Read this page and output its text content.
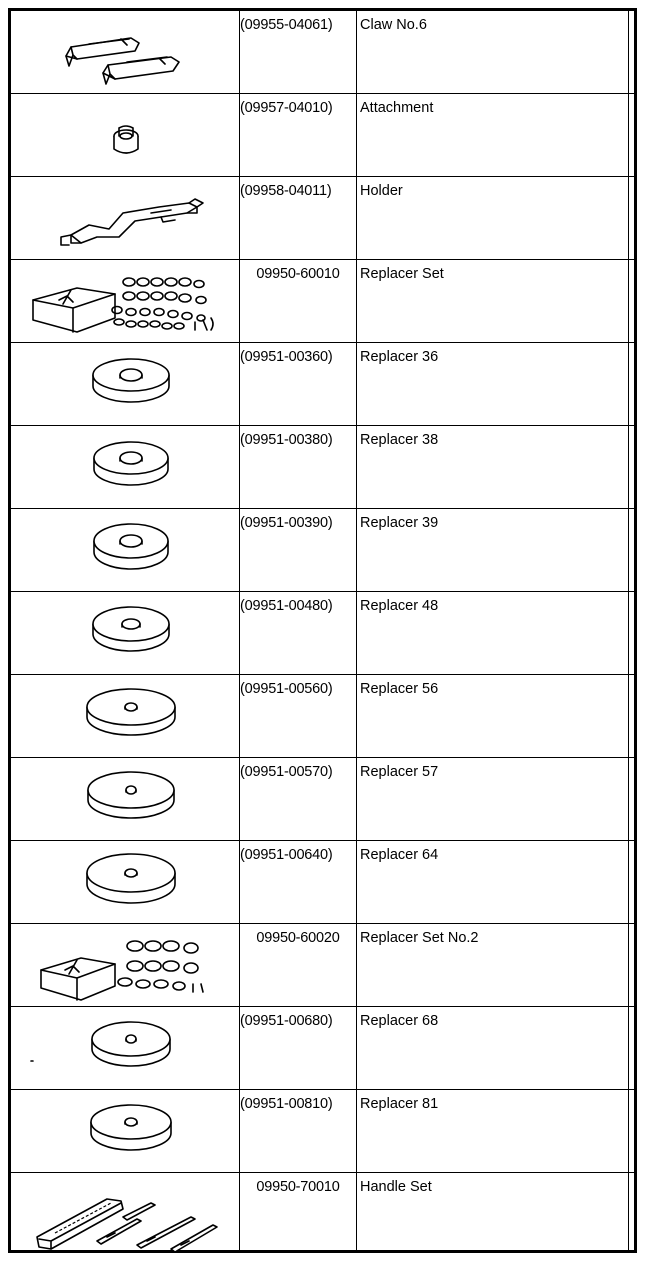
(09955-04061)	Claw No.6
(09957-04010)	Attachment
(09958-04011)	Holder
09950-60010	Replacer Set
(09951-00360)	Replacer 36
(09951-00380)	Replacer 38
(09951-00390)	Replacer 39
(09951-00480)	Replacer 48
(09951-00560)	Replacer 56
(09951-00570)	Replacer 57
(09951-00640)	Replacer 64
09950-60020	Replacer Set No.2
(09951-00680)	Replacer 68
(09951-00810)	Replacer 81
09950-70010	Handle Set
